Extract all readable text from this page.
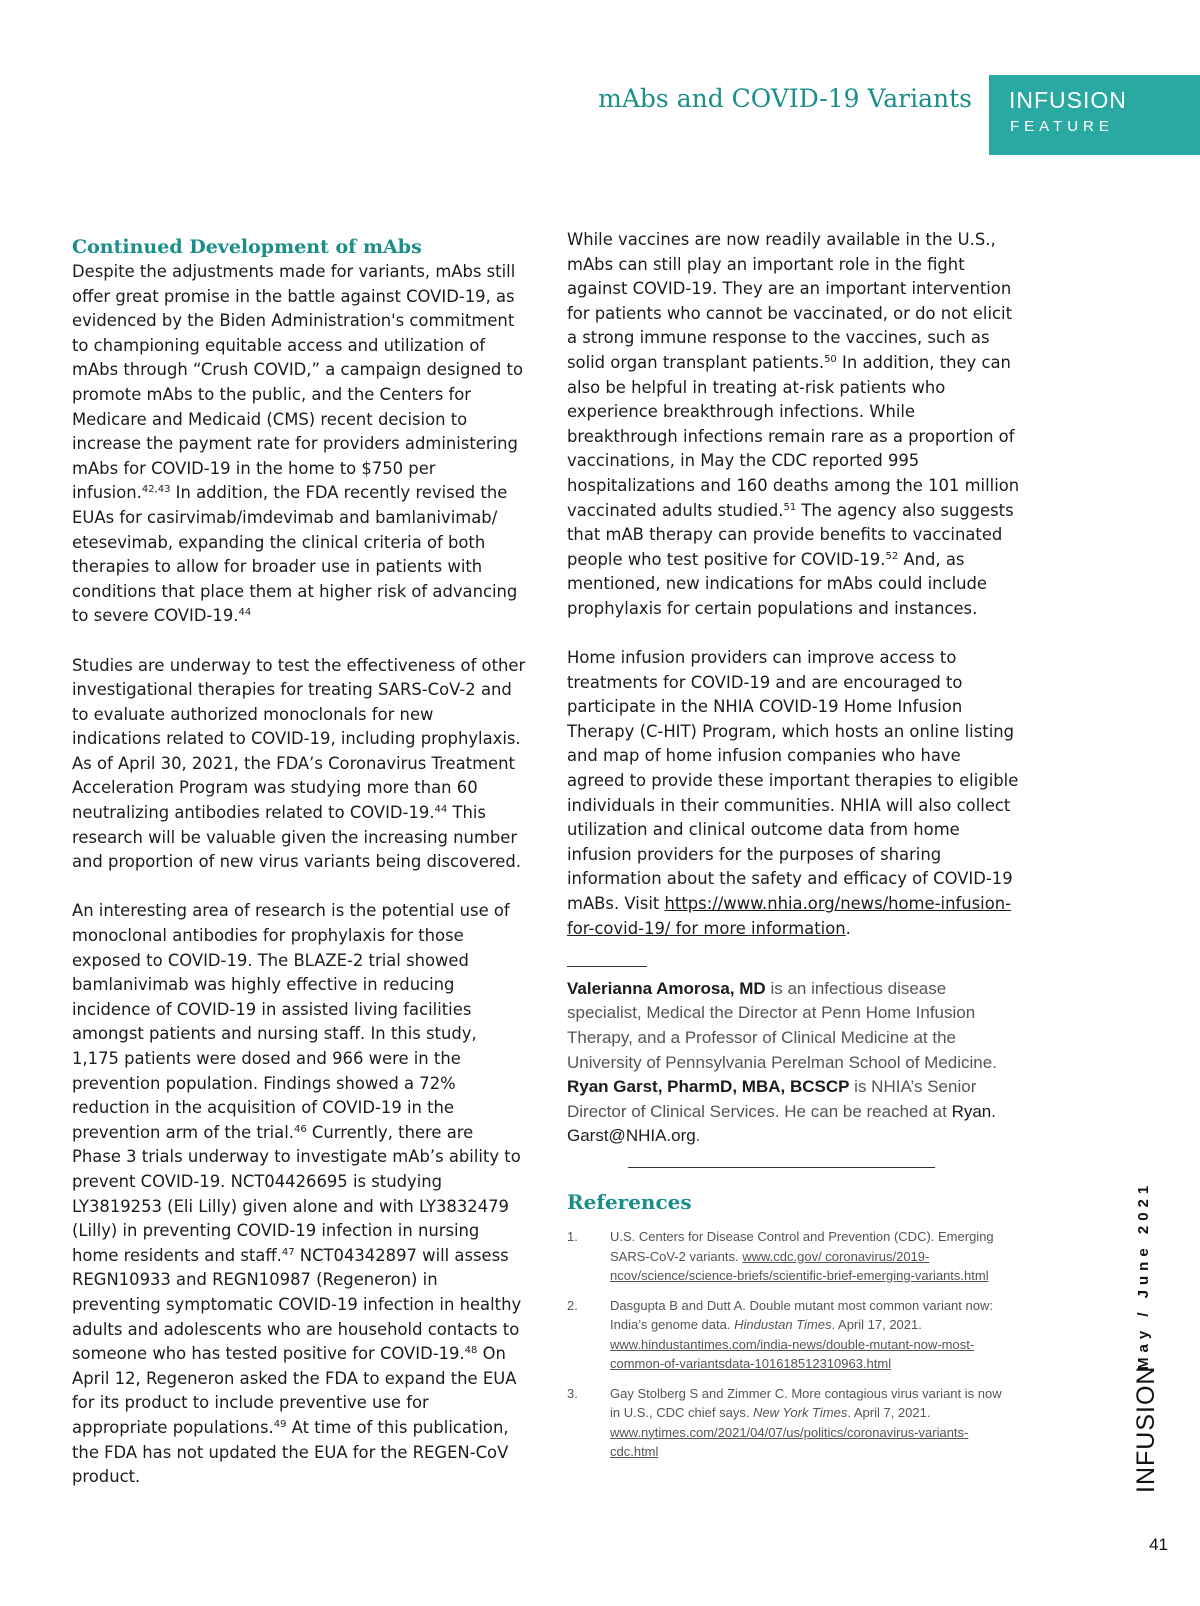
mAbs and COVID-19 Variants INFUSION
FEATURE
Continued Development of mAbs

Despite the adjustments made for variants, mAbs still offer great promise in the battle against COVID-19, as evidenced by the Biden Administration's commitment to championing equitable access and utilization of mAbs through “Crush COVID,” a campaign designed to promote mAbs to the public, and the Centers for Medicare and Medicaid (CMS) recent decision to increase the payment rate for providers administering mAbs for COVID-19 in the home to $750 per infusion.$^{42,43}$ In addition, the FDA recently revised the EUAs for casirvimab/imdevimab and bamlanivimab/ etesevimab, expanding the clinical criteria of both therapies to allow for broader use in patients with conditions that place them at higher risk of advancing to severe COVID-19.44

Studies are underway to test the effectiveness of other investigational therapies for treating SARS-CoV-2 and to evaluate authorized monoclonals for new indications related to COVID-19, including prophylaxis. As of April 30, 2021, the FDA’s Coronavirus Treatment Acceleration Program was studying more than 60 neutralizing antibodies related to COVID-19.44 This research will be valuable given the increasing number and proportion of new virus variants being discovered.

An interesting area of research is the potential use of monoclonal antibodies for prophylaxis for those exposed to COVID-19. The BLAZE-2 trial showed bamlanivimab was highly effective in reducing incidence of COVID-19 in assisted living facilities amongst patients and nursing staff. In this study, 1,175 patients were dosed and 966 were in the prevention population. Findings showed a 72% reduction in the acquisition of COVID-19 in the prevention arm of the trial.$^{46}$ Currently, there are Phase 3 trials underway to investigate mAb’s ability to prevent COVID-19. NCT04426695 is studying LY3819253 (Eli Lilly) given alone and with LY3832479 (Lilly) in preventing COVID-19 infection in nursing home residents and staff.$^{47}$ NCT04342897 will assess REGN10933 and REGN10987 (Regeneron) in preventing symptomatic COVID-19 infection in healthy adults and adolescents who are household contacts to someone who has tested positive for COVID-19.48 On April 12, Regeneron asked the FDA to expand the EUA for its product to include preventive use for appropriate populations.$^{49}$ At time of this publication, the FDA has not updated the EUA for the REGEN-CoV product.

While vaccines are now readily available in the U.S., mAbs can still play an important role in the fight against COVID-19. They are an important intervention for patients who cannot be vaccinated, or do not elicit a strong immune response to the vaccines, such as solid organ transplant patients.$^{50}$ In addition, they can also be helpful in treating at-risk patients who experience breakthrough infections. While breakthrough infections remain rare as a proportion of vaccinations, in May the CDC reported 995 hospitalizations and 160 deaths among the 101 million vaccinated adults studied.$^{51}$ The agency also suggests that mAB therapy can provide benefits to vaccinated people who test positive for COVID-19.52 And, as mentioned, new indications for mAbs could include prophylaxis for certain populations and instances.

Home infusion providers can improve access to treatments for COVID-19 and are encouraged to participate in the NHIA COVID-19 Home Infusion Therapy (C-HIT) Program, which hosts an online listing and map of home infusion companies who have agreed to provide these important therapies to eligible individuals in their communities. NHIA will also collect utilization and clinical outcome data from home infusion providers for the purposes of sharing information about the safety and efficacy of COVID-19 mABs. Visit https://www.nhia.org/news/home-infusion-for-covid-19/ for more information.

Valerianna Amorosa, MD is an infectious disease specialist, Medical the Director at Penn Home Infusion Therapy, and a Professor of Clinical Medicine at the University of Pennsylvania Perelman School of Medicine. Ryan Garst, PharmD, MBA, BCSCP is NHIA’s Senior Director of Clinical Services. He can be reached at Ryan. Garst@NHIA.org.

References
1. U.S. Centers for Disease Control and Prevention (CDC). Emerging SARS-CoV-2 variants. www.cdc.gov/ coronavirus/2019-ncov/science/science-briefs/scientific-brief-emerging-variants.html
2. Dasgupta B and Dutt A. Double mutant most common variant now: India’s genome data. Hindustan Times. April 17, 2021. www.hindustantimes.com/india-news/double-mutant-now-most-common-of-variantsdata-101618512310963.html
3. Gay Stolberg S and Zimmer C. More contagious virus variant is now in U.S., CDC chief says. New York Times. April 7, 2021. www.nytimes.com/2021/04/07/us/politics/coronavirus-variants-cdc.html
May / June 2021
INFUSION
41
